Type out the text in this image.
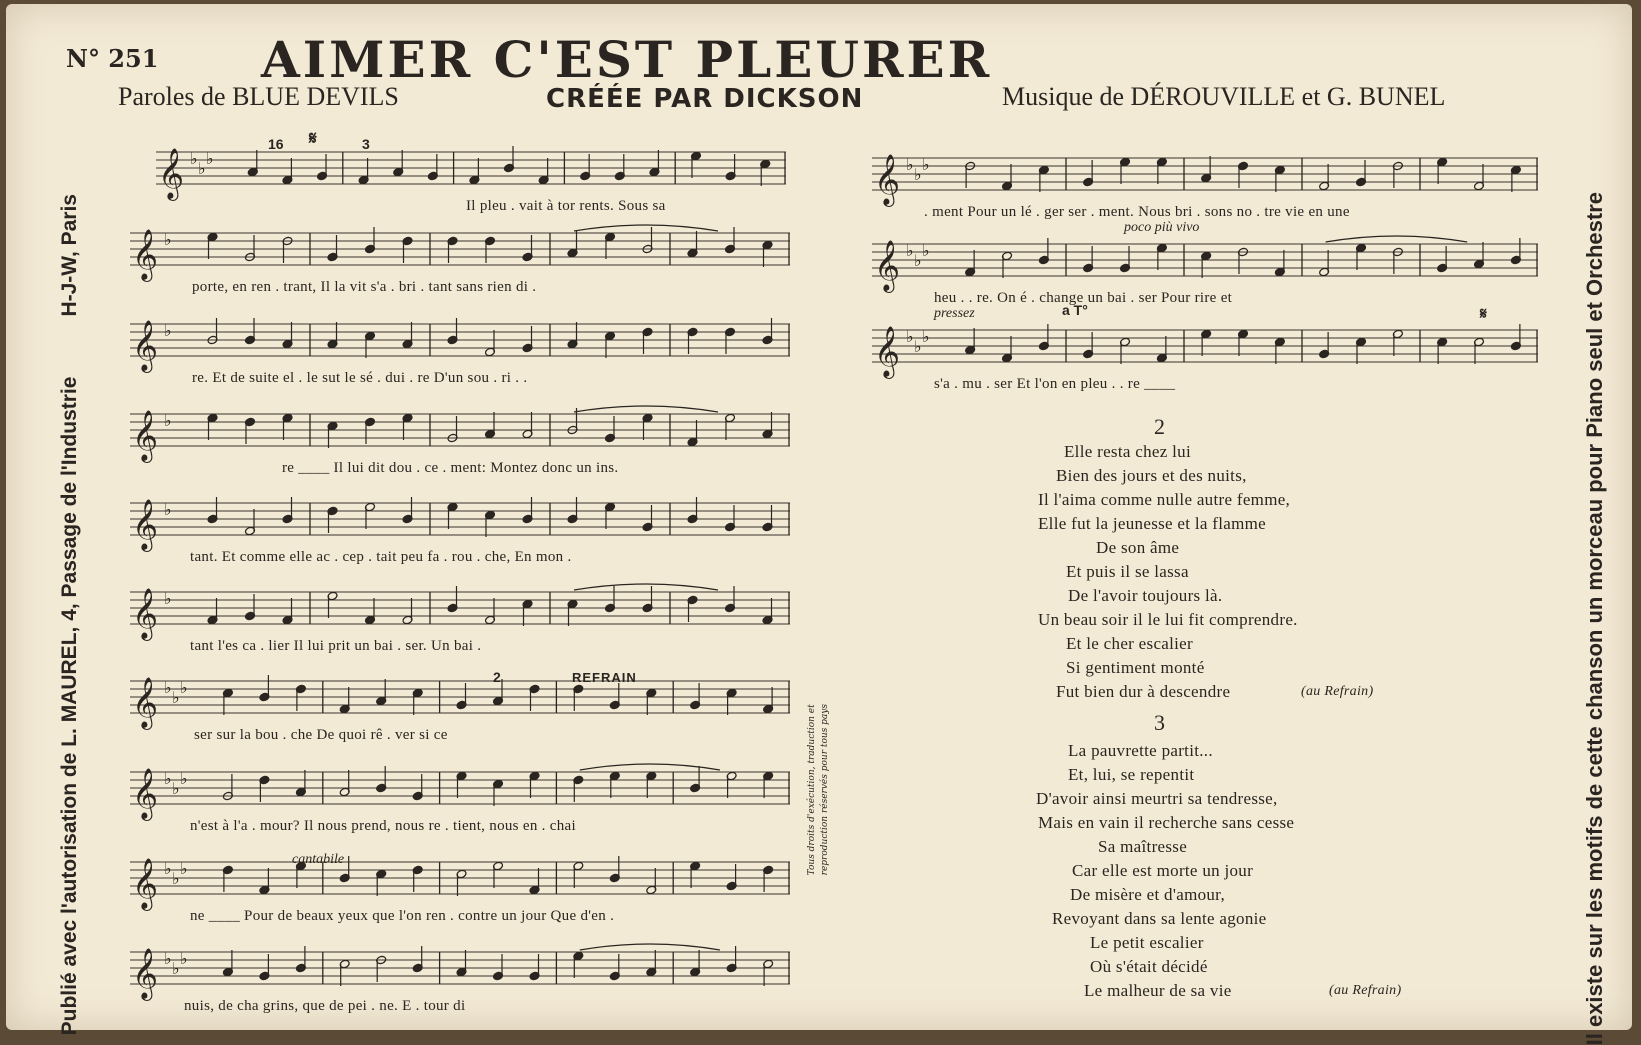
N° 251 AIMER C'EST PLEURER
Paroles de BLUE DEVILS	CRÉÉE PAR DICKSON	Musique de DÉROUVILLE et G. BUNEL
Publié avec l'autorisation de L. MAUREL, 4, Passage de l'IndustrieH-J-W, Paris	Il existe sur les motifs de cette chanson un morceau pour Piano seul et Orchestre
Tous droits d'exécution, traduction et reproduction réservés pour tous pays
𝄞 ♭
♭
♭
Il pleu . vait à tor rents. Sous sa
𝄞 ♭
porte, en ren . trant, Il la vit s'a . bri . tant sans rien di .
𝄞 ♭
re. Et de suite el . le sut le sé . dui . re D'un sou . ri . .
𝄞 ♭
re ____ Il lui dit dou . ce . ment: Montez donc un ins.
𝄞 ♭
tant. Et comme elle ac . cep . tait peu fa . rou . che, En mon .
𝄞 ♭
tant l'es ca . lier Il lui prit un bai . ser. Un bai .
𝄞 ♭
♭
♭
ser sur la bou . che De quoi rê . ver si ce
𝄞 ♭
♭
♭
n'est à l'a . mour? Il nous prend, nous re . tient, nous en . chai
𝄞 ♭
♭
♭
ne ____ Pour de beaux yeux que l'on ren . contre un jour Que d'en .
𝄞 ♭
♭
♭
nuis, de cha grins, que de pei . ne. E . tour di
𝄞 ♭
♭
♭
. ment Pour un lé . ger ser . ment. Nous bri . sons no . tre vie en une
𝄞 ♭
♭
♭
heu . . re. On é . change un bai . ser Pour rire et
𝄞 ♭
♭
♭
s'a . mu . ser Et l'on en pleu . . re ____
16 𝄋	3
2	REFRAIN
cantabile
poco più vivo
pressez	a T°	𝄋
2
Elle resta chez lui
Bien des jours et des nuits,
Il l'aima comme nulle autre femme,
Elle fut la jeunesse et la flamme
De son âme
Et puis il se lassa
De l'avoir toujours là.
Un beau soir il le lui fit comprendre.
Et le cher escalier
Si gentiment monté
Fut bien dur à descendre	(au Refrain)
3
La pauvrette partit...
Et, lui, se repentit
D'avoir ainsi meurtri sa tendresse,
Mais en vain il recherche sans cesse
Sa maîtresse
Car elle est morte un jour
De misère et d'amour,
Revoyant dans sa lente agonie
Le petit escalier
Où s'était décidé
Le malheur de sa vie	(au Refrain)
